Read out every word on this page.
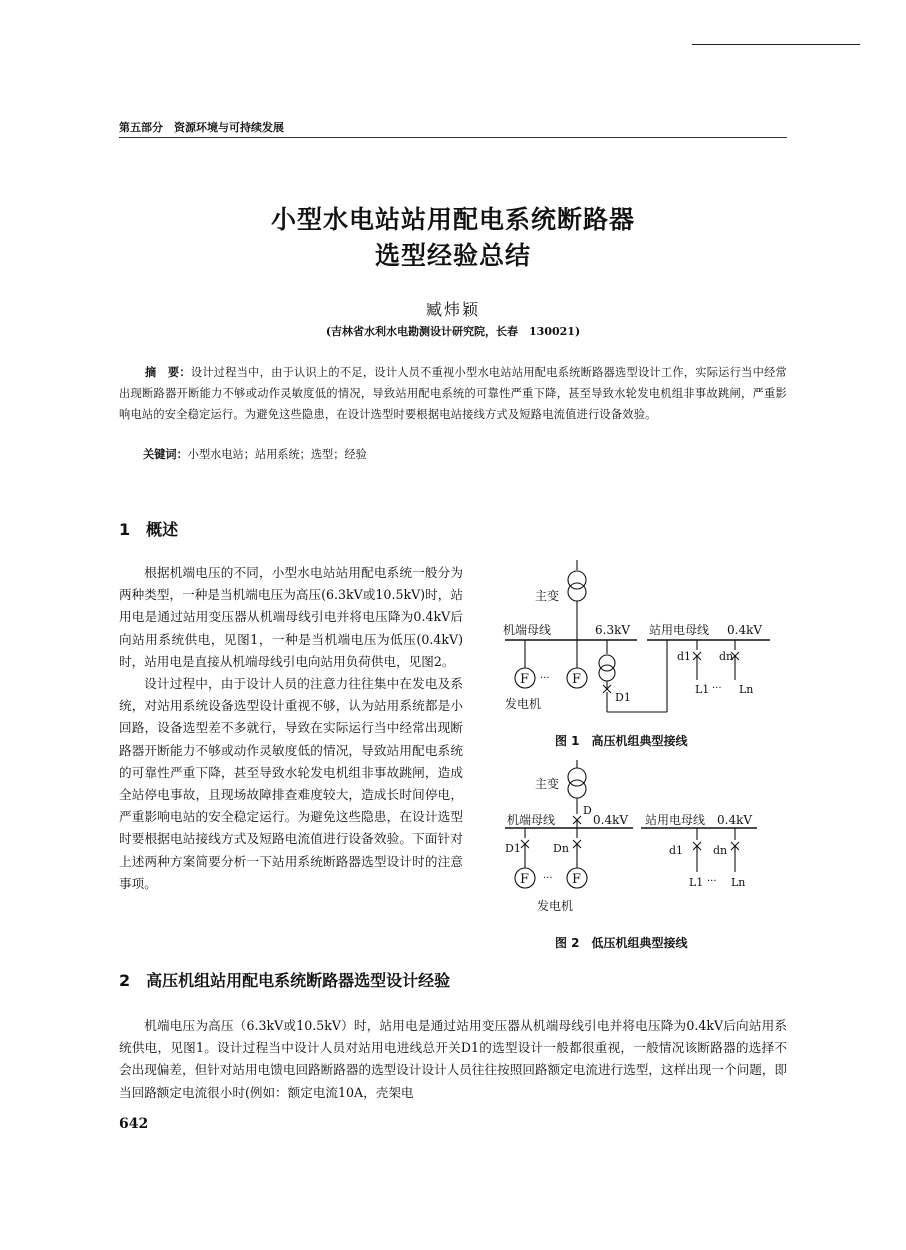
第五部分　资源环境与可持续发展
小型水电站站用配电系统断路器
选型经验总结
臧炜颖
(吉林省水利水电勘测设计研究院，长春　130021)
摘　要：设计过程当中，由于认识上的不足，设计人员不重视小型水电站站用配电系统断路器选型设计工作，实际运行当中经常出现断路器开断能力不够或动作灵敏度低的情况，导致站用配电系统的可靠性严重下降，甚至导致水轮发电机组非事故跳闸，严重影响电站的安全稳定运行。为避免这些隐患，在设计选型时要根据电站接线方式及短路电流值进行设备效验。
关键词：小型水电站；站用系统；选型；经验
1　概述

根据机端电压的不同，小型水电站站用配电系统一般分为两种类型，一种是当机端电压为高压(6.3kV或10.5kV)时，站用电是通过站用变压器从机端母线引电并将电压降为0.4kV后向站用系统供电，见图1，一种是当机端电压为低压(0.4kV)时，站用电是直接从机端母线引电向站用负荷供电，见图2。

设计过程中，由于设计人员的注意力往往集中在发电及系统，对站用系统设备选型设计重视不够，认为站用系统都是小回路，设备选型差不多就行，导致在实际运行当中经常出现断路器开断能力不够或动作灵敏度低的情况，导致站用配电系统的可靠性严重下降，甚至导致水轮发电机组非事故跳闸，造成全站停电事故，且现场故障排查难度较大，造成长时间停电，严重影响电站的安全稳定运行。为避免这些隐患，在设计选型时要根据电站接线方式及短路电流值进行设备效验。下面针对上述两种方案简要分析一下站用系统断路器选型设计时的注意事项。

主变
机端母线	6.3kV 站用电母线 0.4kV
F ··· F
D1
发电机
d1	dn
L1 ··· Ln
图 1　高压机组典型接线
主变
D
机端母线	0.4kV 站用电母线 0.4kV
D1	Dn
F ··· F
发电机
d1	dn
L1 ··· Ln
图 2　低压机组典型接线
2　高压机组站用配电系统断路器选型设计经验

机端电压为高压（6.3kV或10.5kV）时，站用电是通过站用变压器从机端母线引电并将电压降为0.4kV后向站用系统供电，见图1。设计过程当中设计人员对站用电进线总开关D1的选型设计一般都很重视，一般情况该断路器的选择不会出现偏差，但针对站用电馈电回路断路器的选型设计设计人员往往按照回路额定电流进行选型，这样出现一个问题，即当回路额定电流很小时(例如：额定电流10A，壳架电

642
